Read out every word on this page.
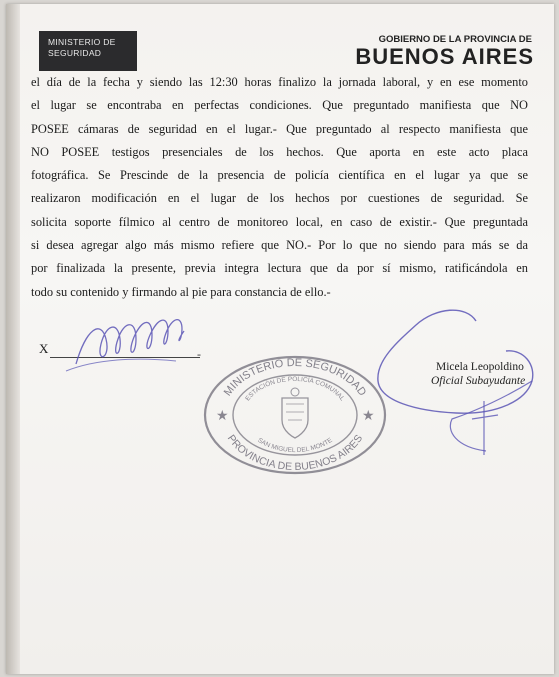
MINISTERIO DE
SEGURIDAD
GOBIERNO DE LA PROVINCIA DE
BUENOS AIRES
el día de la fecha y siendo las 12:30 horas finalizo la jornada laboral, y en ese momento
el lugar se encontraba en perfectas condiciones. Que preguntado manifiesta que NO
POSEE cámaras de seguridad en el lugar.- Que preguntado al respecto manifiesta que
NO POSEE testigos presenciales de los hechos. Que aporta en este acto placa
fotográfica. Se Prescinde de la presencia de policía científica en el lugar ya que se
realizaron modificación en el lugar de los hechos por cuestiones de seguridad. Se
solicita soporte fílmico al centro de monitoreo local, en caso de existir.- Que preguntada
si desea agregar algo más mismo refiere que NO.- Por lo que no siendo para más se da
por finalizada la presente, previa integra lectura que da por sí mismo, ratificándola en
todo su contenido y firmando al pie para constancia de ello.-
X	-
MINISTERIO DE SEGURIDAD
PROVINCIA DE BUENOS AIRES
ESTACIÓN DE POLICÍA COMUNAL
SAN MIGUEL DEL MONTE
★	★
Micela Leopoldino
Oficial Subayudante
